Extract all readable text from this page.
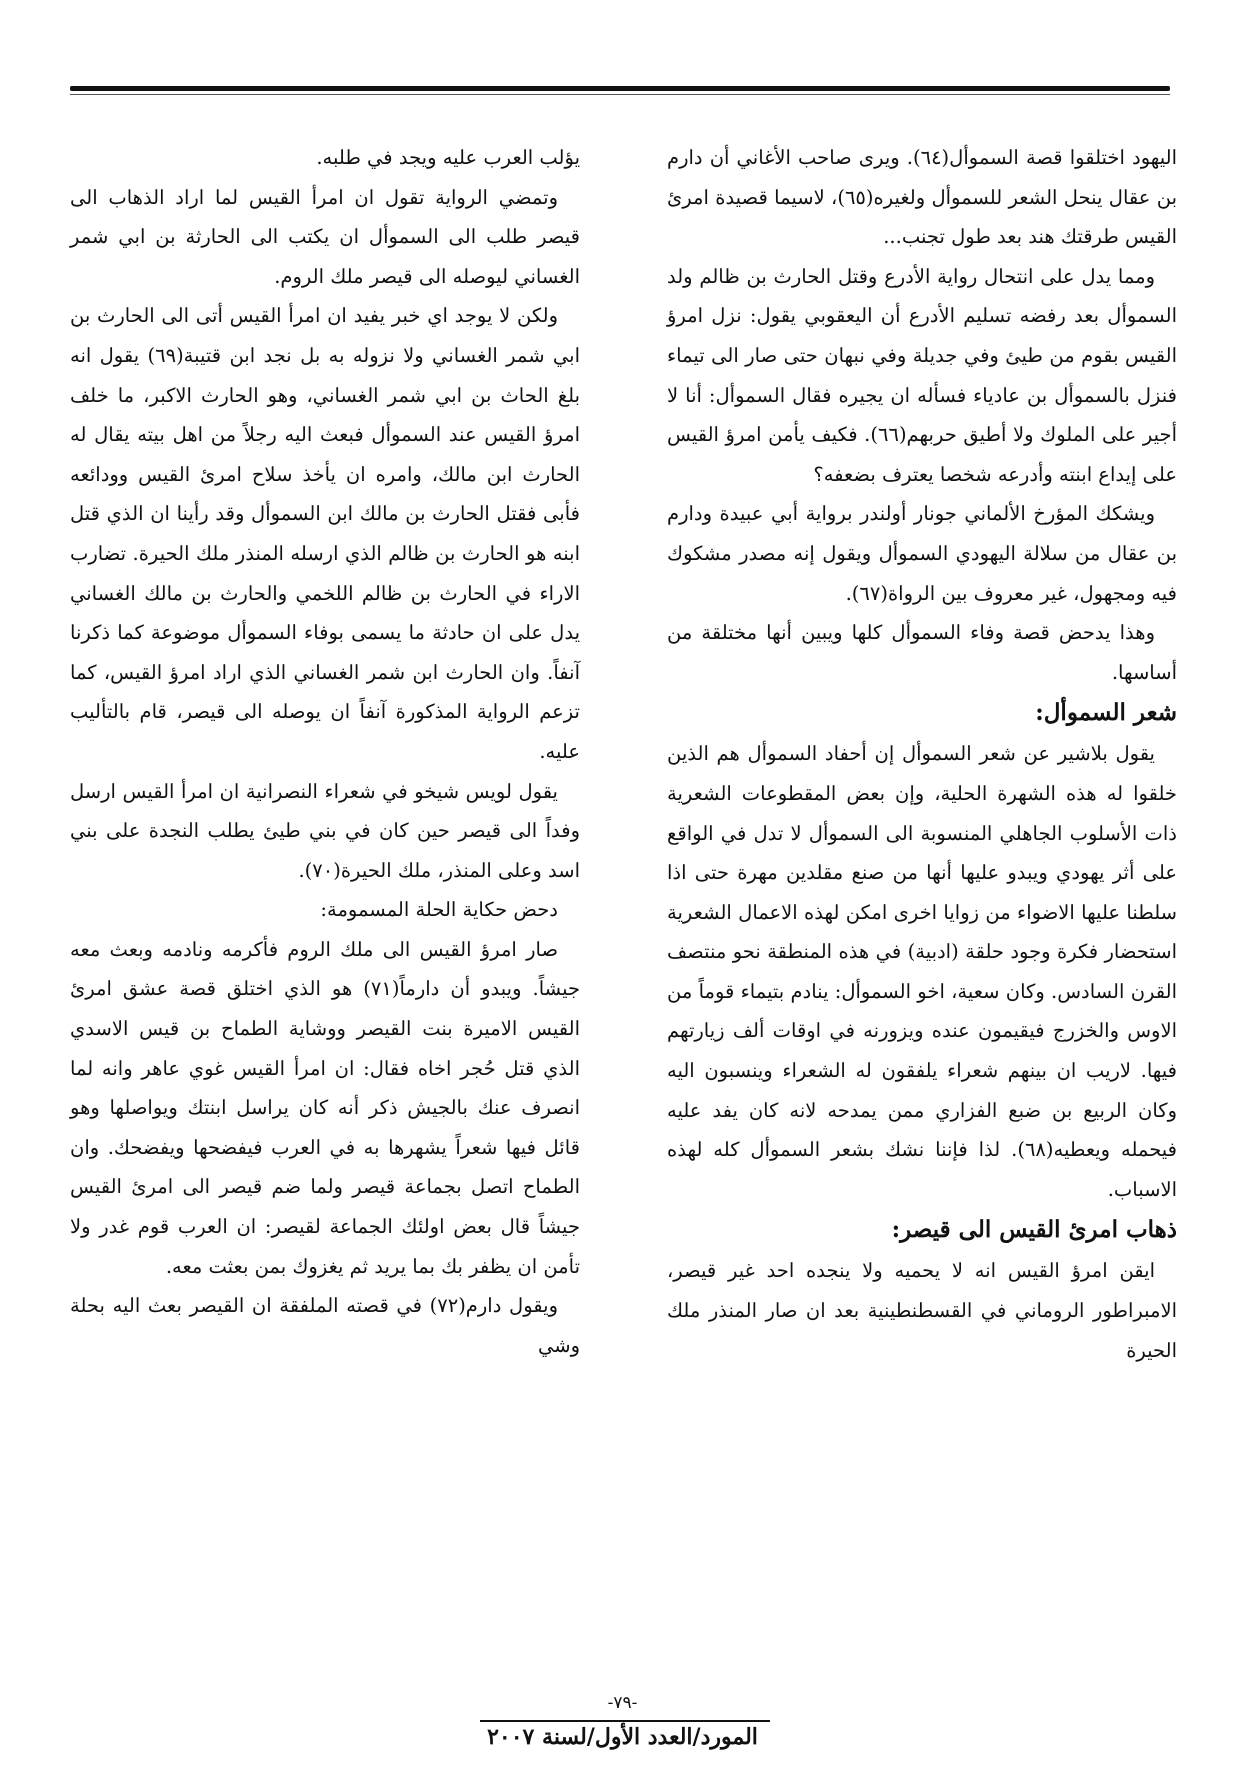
اليهود اختلقوا قصة السموأل(٦٤). ويرى صاحب الأغاني أن دارم بن عقال ينحل الشعر للسموأل ولغيره(٦٥)، لاسيما قصيدة امرئ القيس طرقتك هند بعد طول تجنب...

ومما يدل على انتحال رواية الأدرع وقتل الحارث بن ظالم ولد السموأل بعد رفضه تسليم الأدرع أن اليعقوبي يقول: نزل امرؤ القيس بقوم من طيئ وفي جديلة وفي نبهان حتى صار الى تيماء فنزل بالسموأل بن عادياء فسأله ان يجيره فقال السموأل: أنا لا أجير على الملوك ولا أطيق حربهم(٦٦). فكيف يأمن امرؤ القيس على إيداع ابنته وأدرعه شخصا يعترف بضعفه؟

ويشكك المؤرخ الألماني جونار أولندر برواية أبي عبيدة ودارم بن عقال من سلالة اليهودي السموأل ويقول إنه مصدر مشكوك فيه ومجهول، غير معروف بين الرواة(٦٧).

وهذا يدحض قصة وفاء السموأل كلها ويبين أنها مختلقة من أساسها.

شعر السموأل:

يقول بلاشير عن شعر السموأل إن أحفاد السموأل هم الذين خلقوا له هذه الشهرة الحلية، وإن بعض المقطوعات الشعرية ذات الأسلوب الجاهلي المنسوبة الى السموأل لا تدل في الواقع على أثر يهودي ويبدو عليها أنها من صنع مقلدين مهرة حتى اذا سلطنا عليها الاضواء من زوايا اخرى امكن لهذه الاعمال الشعرية استحضار فكرة وجود حلقة (ادبية) في هذه المنطقة نحو منتصف القرن السادس. وكان سعية، اخو السموأل: ينادم بتيماء قوماً من الاوس والخزرج فيقيمون عنده ويزورنه في اوقات ألف زيارتهم فيها. لاريب ان بينهم شعراء يلفقون له الشعراء وينسبون اليه وكان الربيع بن ضبع الفزاري ممن يمدحه لانه كان يفد عليه فيحمله ويعطيه(٦٨). لذا فإننا نشك بشعر السموأل كله لهذه الاسباب.

ذهاب امرئ القيس الى قيصر:

ايقن امرؤ القيس انه لا يحميه ولا ينجده احد غير قيصر، الامبراطور الروماني في القسطنطينية بعد ان صار المنذر ملك الحيرة

يؤلب العرب عليه ويجد في طلبه.

وتمضي الرواية تقول ان امرأ القيس لما اراد الذهاب الى قيصر طلب الى السموأل ان يكتب الى الحارثة بن ابي شمر الغساني ليوصله الى قيصر ملك الروم.

ولكن لا يوجد اي خبر يفيد ان امرأ القيس أتى الى الحارث بن ابي شمر الغساني ولا نزوله به بل نجد ابن قتيبة(٦٩) يقول انه بلغ الحاث بن ابي شمر الغساني، وهو الحارث الاكبر، ما خلف امرؤ القيس عند السموأل فبعث اليه رجلاً من اهل بيته يقال له الحارث ابن مالك، وامره ان يأخذ سلاح امرئ القيس وودائعه فأبى فقتل الحارث بن مالك ابن السموأل وقد رأينا ان الذي قتل ابنه هو الحارث بن ظالم الذي ارسله المنذر ملك الحيرة. تضارب الاراء في الحارث بن ظالم اللخمي والحارث بن مالك الغساني يدل على ان حادثة ما يسمى بوفاء السموأل موضوعة كما ذكرنا آنفاً. وان الحارث ابن شمر الغساني الذي اراد امرؤ القيس، كما تزعم الرواية المذكورة آنفاً ان يوصله الى قيصر، قام بالتأليب عليه.

يقول لويس شيخو في شعراء النصرانية ان امرأ القيس ارسل وفداً الى قيصر حين كان في بني طيئ يطلب النجدة على بني اسد وعلى المنذر، ملك الحيرة(٧٠).

دحض حكاية الحلة المسمومة:

صار امرؤ القيس الى ملك الروم فأكرمه ونادمه وبعث معه جيشاً. ويبدو أن دارماً(٧١) هو الذي اختلق قصة عشق امرئ القيس الاميرة بنت القيصر ووشاية الطماح بن قيس الاسدي الذي قتل حُجر اخاه فقال: ان امرأ القيس غوي عاهر وانه لما انصرف عنك بالجيش ذكر أنه كان يراسل ابنتك ويواصلها وهو قائل فيها شعراً يشهرها به في العرب فيفضحها ويفضحك. وان الطماح اتصل بجماعة قيصر ولما ضم قيصر الى امرئ القيس جيشاً قال بعض اولئك الجماعة لقيصر: ان العرب قوم غدر ولا تأمن ان يظفر بك بما يريد ثم يغزوك بمن بعثت معه.

ويقول دارم(٧٢) في قصته الملفقة ان القيصر بعث اليه بحلة وشي

-٧٩-
المورد/العدد الأول/لسنة ٢٠٠٧
